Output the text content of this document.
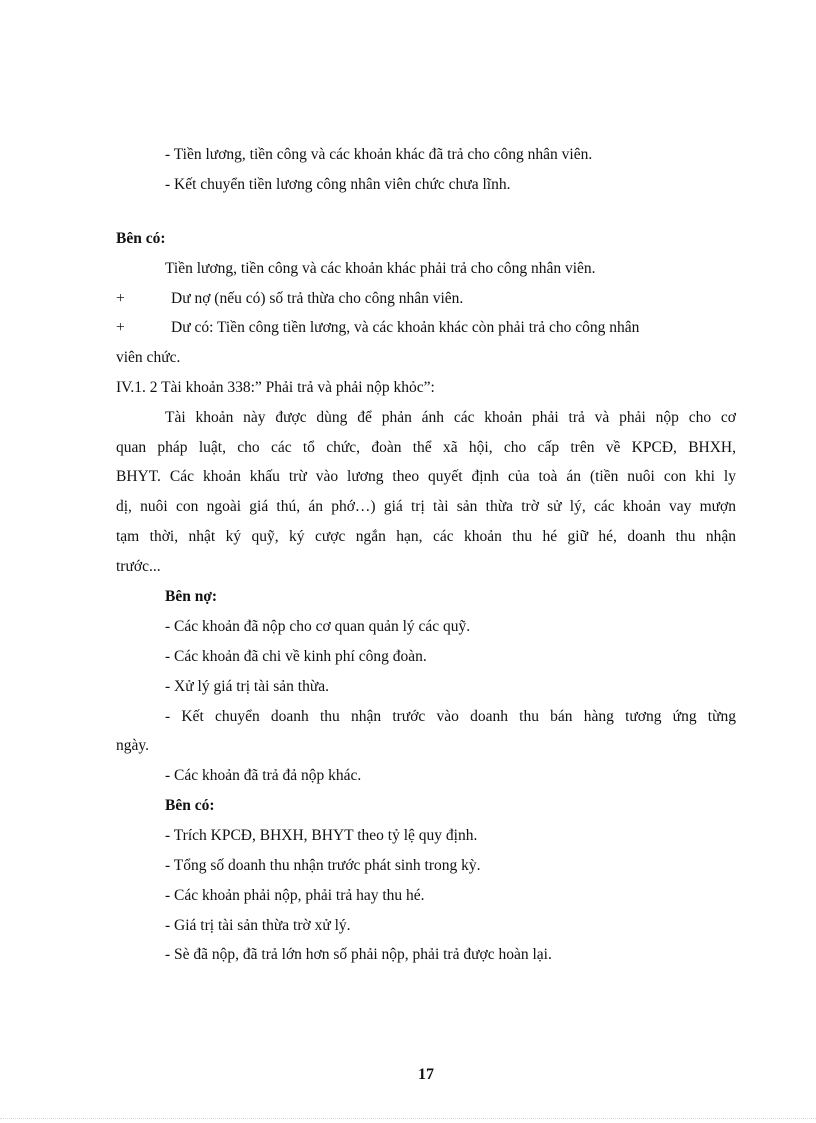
- Tiền lương, tiền công và các khoản khác đã trả cho công nhân viên.
- Kết chuyển tiền lương công nhân viên chức chưa lĩnh.
Bên có:
Tiền lương, tiền công và các khoản khác phải trả cho công nhân viên.
+	Dư nợ (nếu có) số trả thừa cho công nhân viên.
+	Dư có: Tiền công tiền lương, và các khoản khác còn phải trả cho công nhân
viên chức.
IV.1. 2 Tài khoản 338:” Phải trả và phải nộp khỏc”:
Tài khoản này được dùng để phản ánh các khoản phải trả và phải nộp cho cơ
quan pháp luật, cho các tổ chức, đoàn thể xã hội, cho cấp trên về KPCĐ, BHXH,
BHYT. Các khoản khấu trừ vào lương theo quyết định của toà án (tiền nuôi con khi ly
dị, nuôi con ngoài giá thú, án phớ…) giá trị tài sản thừa trờ sử lý, các khoản vay mượn
tạm thời, nhật ký quỹ, ký cược ngắn hạn, các khoản thu hé giữ hé, doanh thu nhận
trước...
Bên nợ:
- Các khoản đã nộp cho cơ quan quản lý các quỹ.
- Các khoản đã chi về kinh phí công đoàn.
- Xử lý giá trị tài sản thừa.
- Kết chuyển doanh thu nhận trước vào doanh thu bán hàng tương ứng từng
ngày.
- Các khoản đã trả đả nộp khác.
Bên có:
- Trích KPCĐ, BHXH, BHYT theo tỷ lệ quy định.
- Tổng số doanh thu nhận trước phát sinh trong kỳ.
- Các khoản phải nộp, phải trả hay thu hé.
- Giá trị tài sản thừa trờ xử lý.
- Sè đã nộp, đã trả lớn hơn số phải nộp, phải trả được hoàn lại.
17
